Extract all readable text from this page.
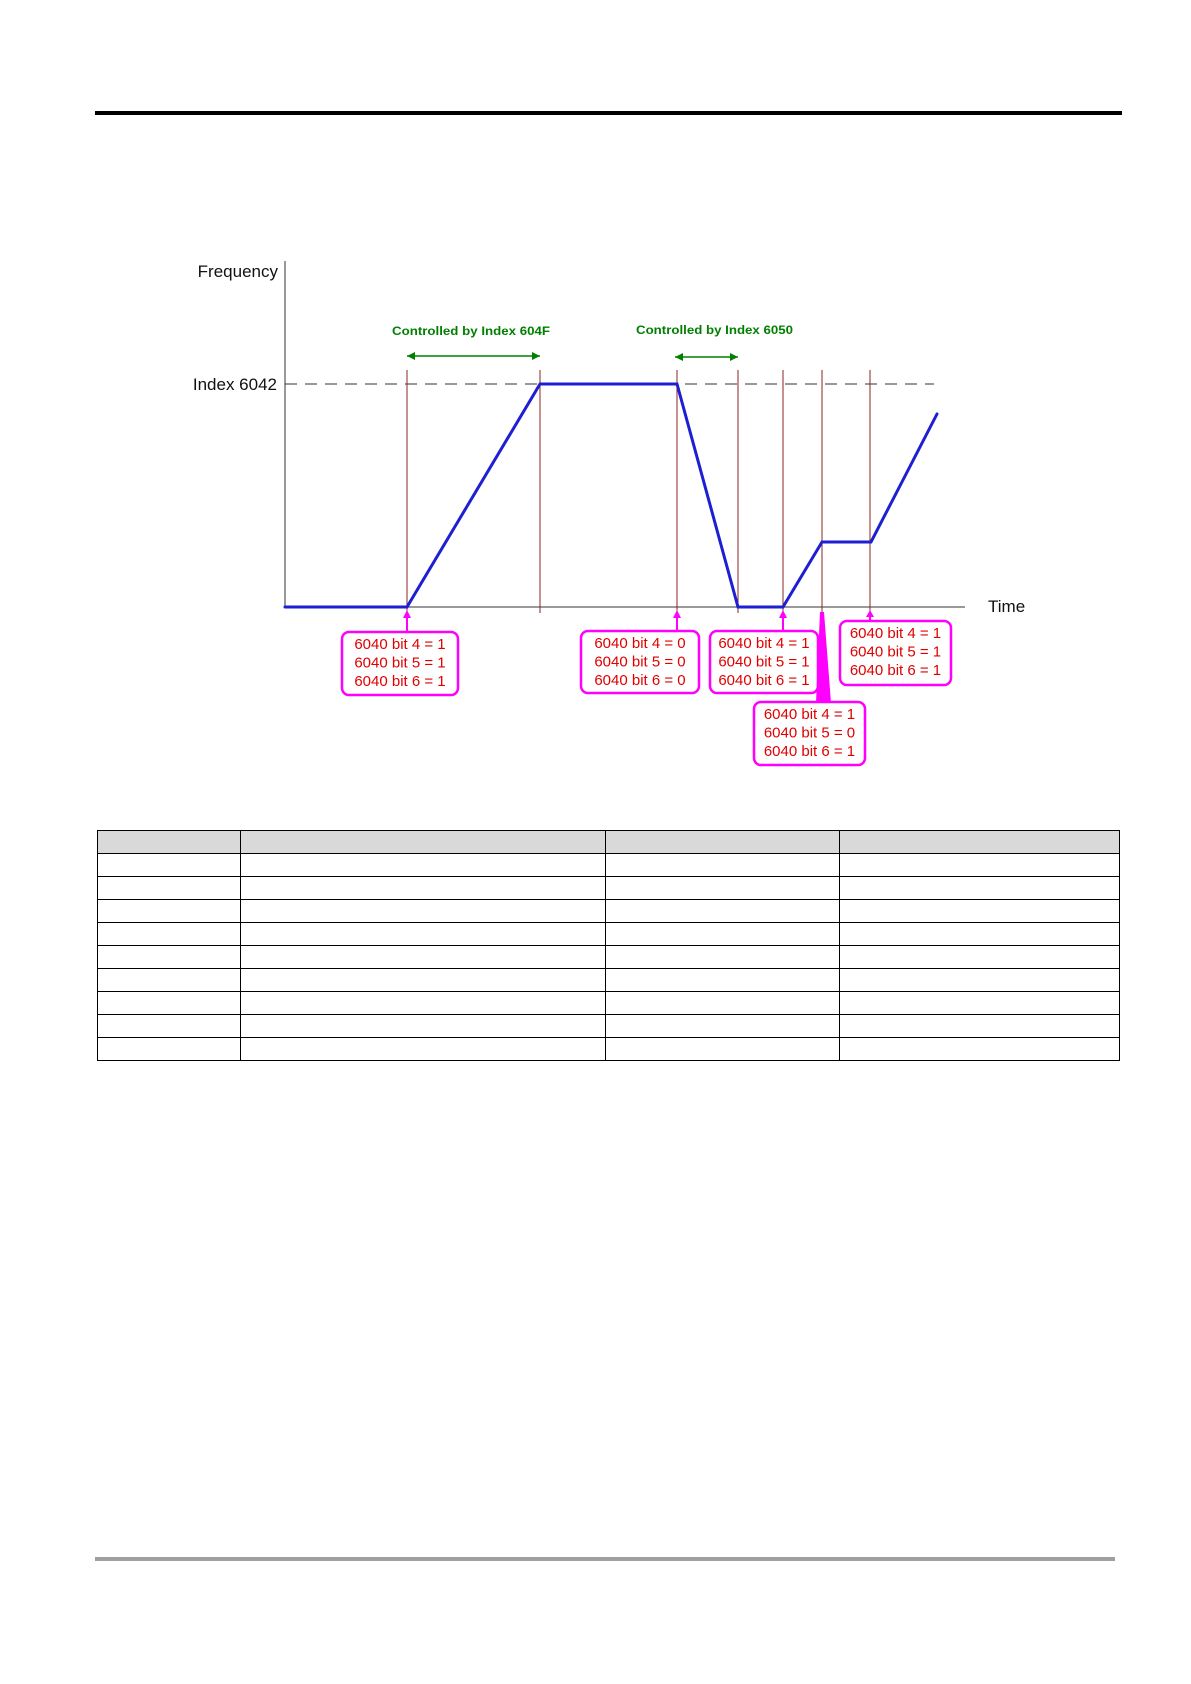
Frequency
Time
Index 6042
Controlled by Index 604F	Controlled by Index 6050
6040 bit 4 = 1
6040 bit 5 = 1
6040 bit 6 = 1
6040 bit 4 = 0
6040 bit 5 = 0
6040 bit 6 = 0
6040 bit 4 = 1
6040 bit 5 = 1
6040 bit 6 = 1
6040 bit 4 = 1
6040 bit 5 = 0
6040 bit 6 = 1
6040 bit 4 = 1
6040 bit 5 = 1
6040 bit 6 = 1
